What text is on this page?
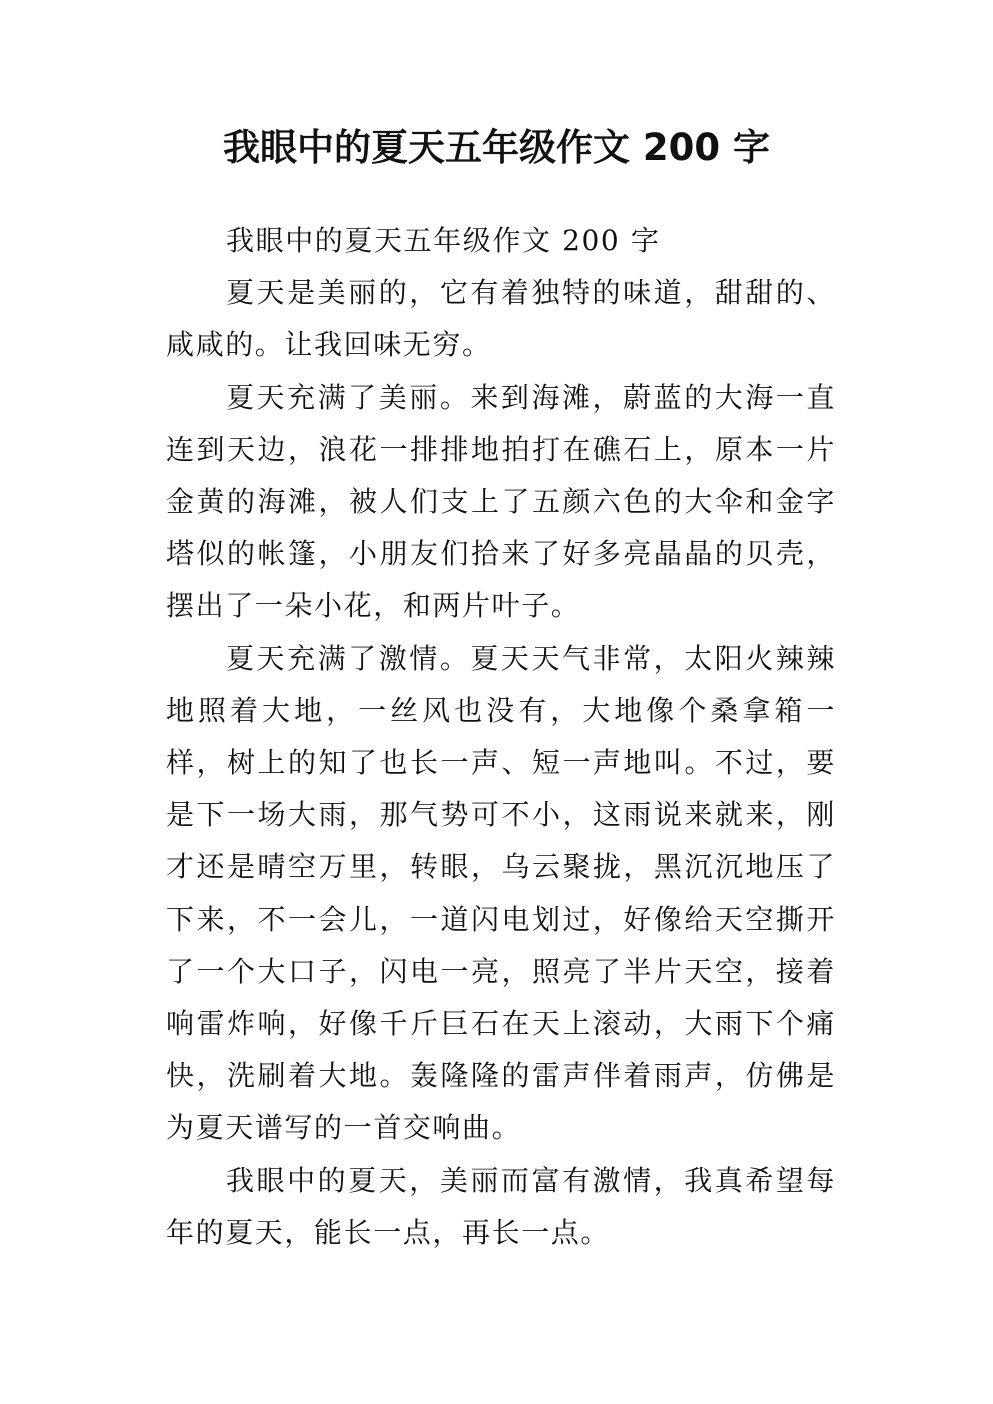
我眼中的夏天五年级作文 200 字

我眼中的夏天五年级作文 200 字

夏天是美丽的，它有着独特的味道，甜甜的、咸咸的。让我回味无穷。

夏天充满了美丽。来到海滩，蔚蓝的大海一直连到天边，浪花一排排地拍打在礁石上，原本一片金黄的海滩，被人们支上了五颜六色的大伞和金字塔似的帐篷，小朋友们拾来了好多亮晶晶的贝壳，摆出了一朵小花，和两片叶子。

夏天充满了激情。夏天天气非常，太阳火辣辣地照着大地，一丝风也没有，大地像个桑拿箱一样，树上的知了也长一声、短一声地叫。不过，要是下一场大雨，那气势可不小，这雨说来就来，刚才还是晴空万里，转眼，乌云聚拢，黑沉沉地压了下来，不一会儿，一道闪电划过，好像给天空撕开了一个大口子，闪电一亮，照亮了半片天空，接着响雷炸响，好像千斤巨石在天上滚动，大雨下个痛快，洗刷着大地。轰隆隆的雷声伴着雨声，仿佛是为夏天谱写的一首交响曲。

我眼中的夏天，美丽而富有激情，我真希望每年的夏天，能长一点，再长一点。
